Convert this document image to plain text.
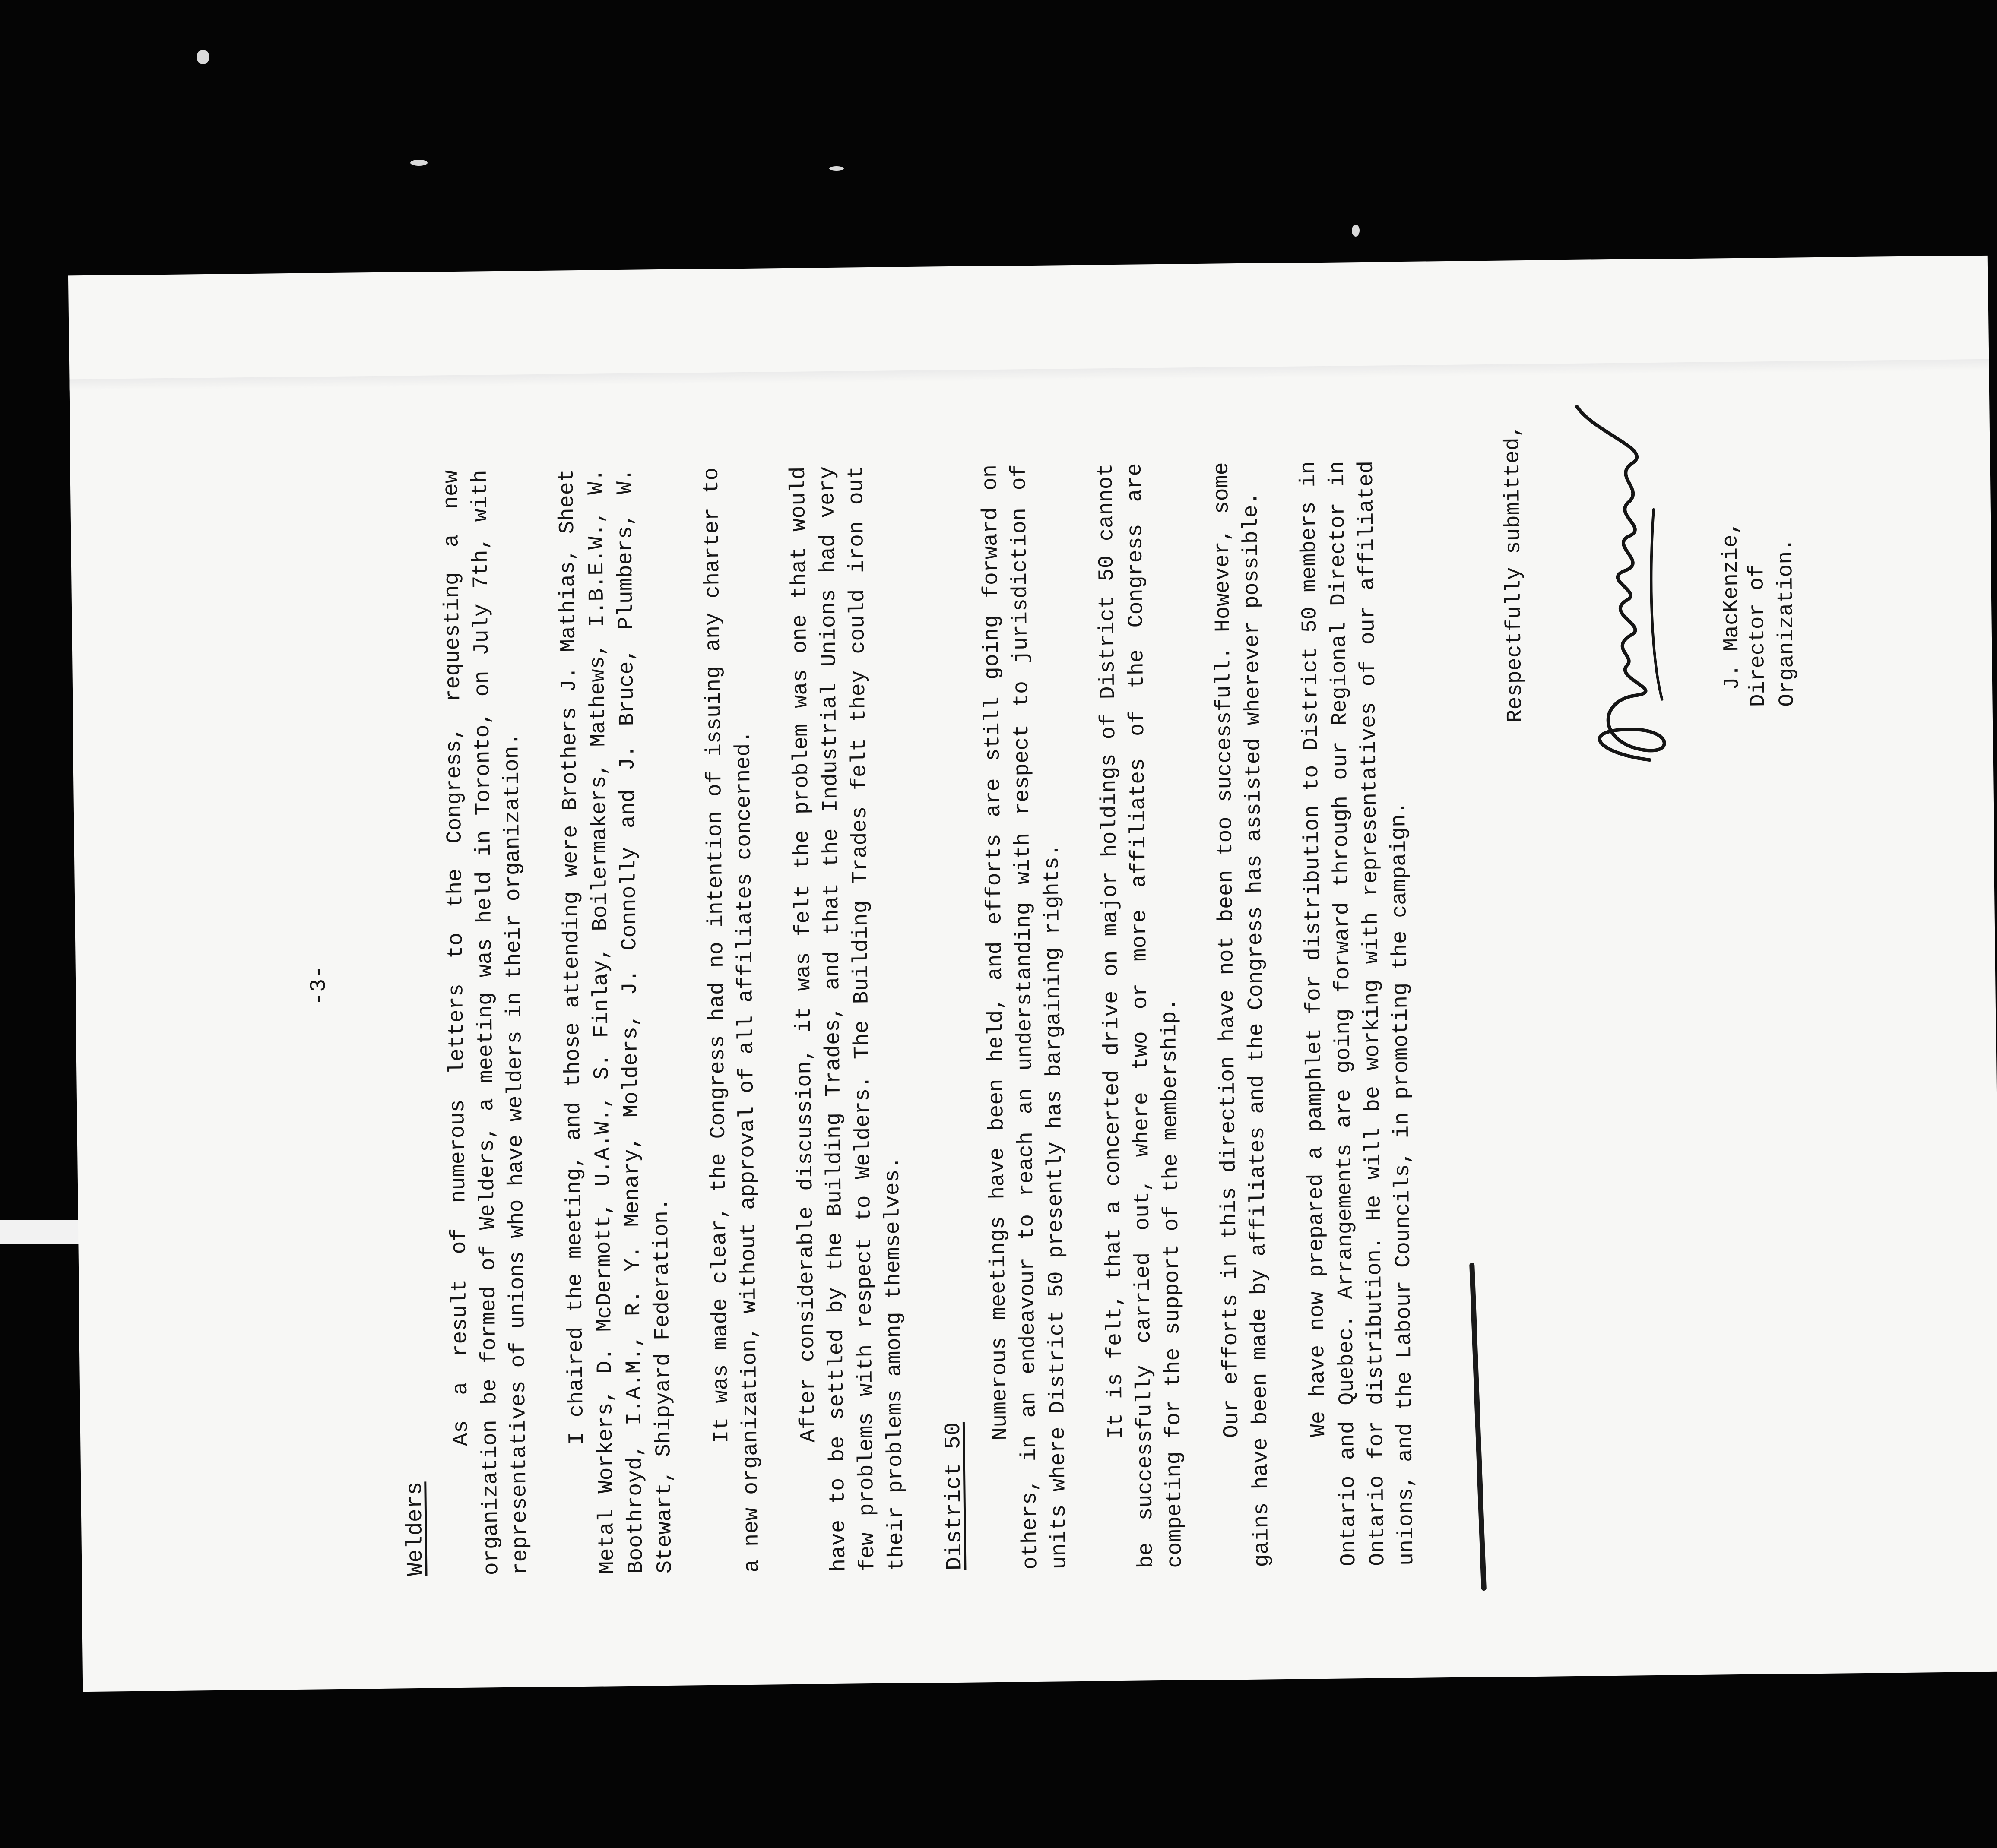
-3-
Welders

As a result of numerous letters to the Congress, requesting a new organization be formed of Welders, a meeting was held in Toronto, on July 7th, with representatives of unions who have welders in their organization. I chaired the meeting, and those attending were Brothers J. Mathias, Sheet Metal Workers, D. McDermott, U.A.W., S. Finlay, Boilermakers, Mathews, I.B.E.W., W. Boothroyd, I.A.M., R. Y. Menary, Molders, J. Connolly and J. Bruce, Plumbers, W. Stewart, Shipyard Federation. It was made clear, the Congress had no intention of issuing any charter to a new organization, without approval of all affiliates concerned. After considerable discussion, it was felt the problem was one that would have to be settled by the Building Trades, and that the Industrial Unions had very few problems with respect to Welders. The Building Trades felt they could iron out their problems among themselves.	District 50

Numerous meetings have been held, and efforts are still going forward on others, in an endeavour to reach an understanding with respect to jurisdiction of units where District 50 presently has bargaining rights. It is felt, that a concerted drive on major holdings of District 50 cannot be successfully carried out, where two or more affiliates of the Congress are competing for the support of the membership. Our efforts in this direction have not been too successfull. However, some gains have been made by affiliates and the Congress has assisted wherever possible. We have now prepared a pamphlet for distribution to District 50 members in Ontario and Quebec. Arrangements are going forward through our Regional Director in Ontario for distribution. He will be working with representatives of our affiliated unions, and the Labour Councils, in promoting the campaign.

Respectfully submitted,	J. MacKenzie, Director of Organization.
